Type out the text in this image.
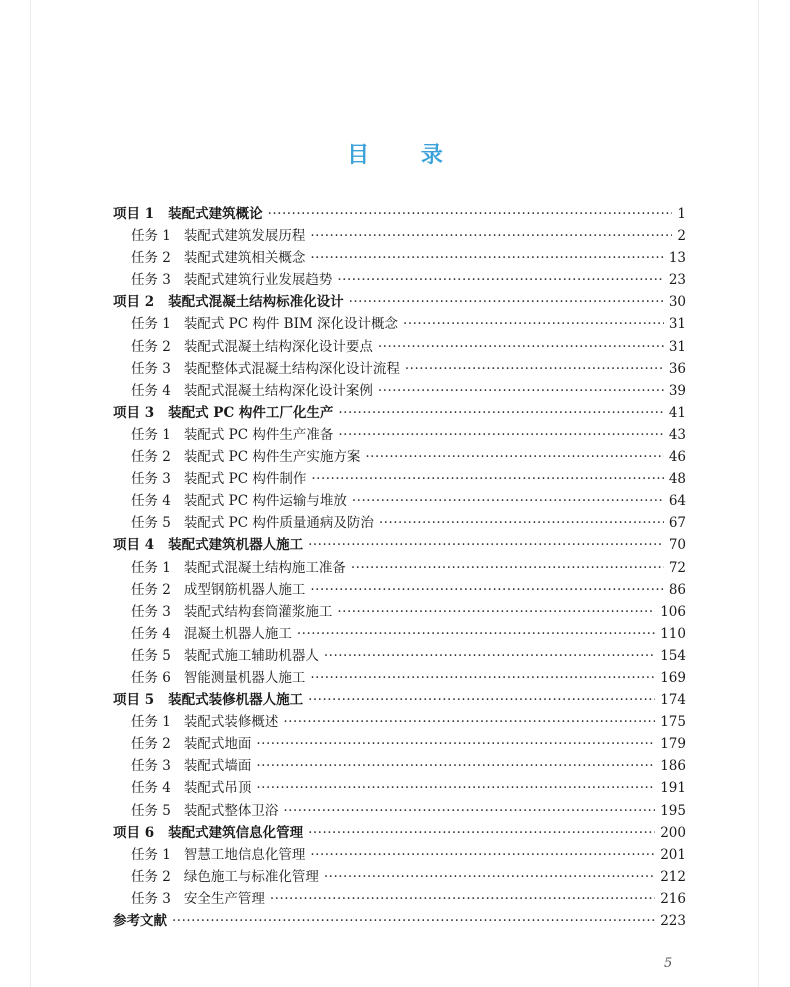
目 录
项目 1 装配式建筑概论 ·····	1
任务 1 装配式建筑发展历程 ·····	2
任务 2 装配式建筑相关概念 ·····	13
任务 3 装配式建筑行业发展趋势 ·····	23
项目 2 装配式混凝土结构标准化设计 ·····	30
任务 1 装配式 PC 构件 BIM 深化设计概念 ·····	31
任务 2 装配式混凝土结构深化设计要点 ·····	31
任务 3 装配整体式混凝土结构深化设计流程 ·····	36
任务 4 装配式混凝土结构深化设计案例 ·····	39
项目 3 装配式 PC 构件工厂化生产 ·····	41
任务 1 装配式 PC 构件生产准备 ·····	43
任务 2 装配式 PC 构件生产实施方案 ·····	46
任务 3 装配式 PC 构件制作 ·····	48
任务 4 装配式 PC 构件运输与堆放 ·····	64
任务 5 装配式 PC 构件质量通病及防治 ·····	67
项目 4 装配式建筑机器人施工 ·····	70
任务 1 装配式混凝土结构施工准备 ·····	72
任务 2 成型钢筋机器人施工 ·····	86
任务 3 装配式结构套筒灌浆施工 ·····	106
任务 4 混凝土机器人施工 ·····	110
任务 5 装配式施工辅助机器人 ·····	154
任务 6 智能测量机器人施工 ·····	169
项目 5 装配式装修机器人施工 ·····	174
任务 1 装配式装修概述 ·····	175
任务 2 装配式地面 ·····	179
任务 3 装配式墙面 ·····	186
任务 4 装配式吊顶 ·····	191
任务 5 装配式整体卫浴 ·····	195
项目 6 装配式建筑信息化管理 ·····	200
任务 1 智慧工地信息化管理 ·····	201
任务 2 绿色施工与标准化管理 ·····	212
任务 3 安全生产管理 ·····	216
参考文献 ·····	223
5
